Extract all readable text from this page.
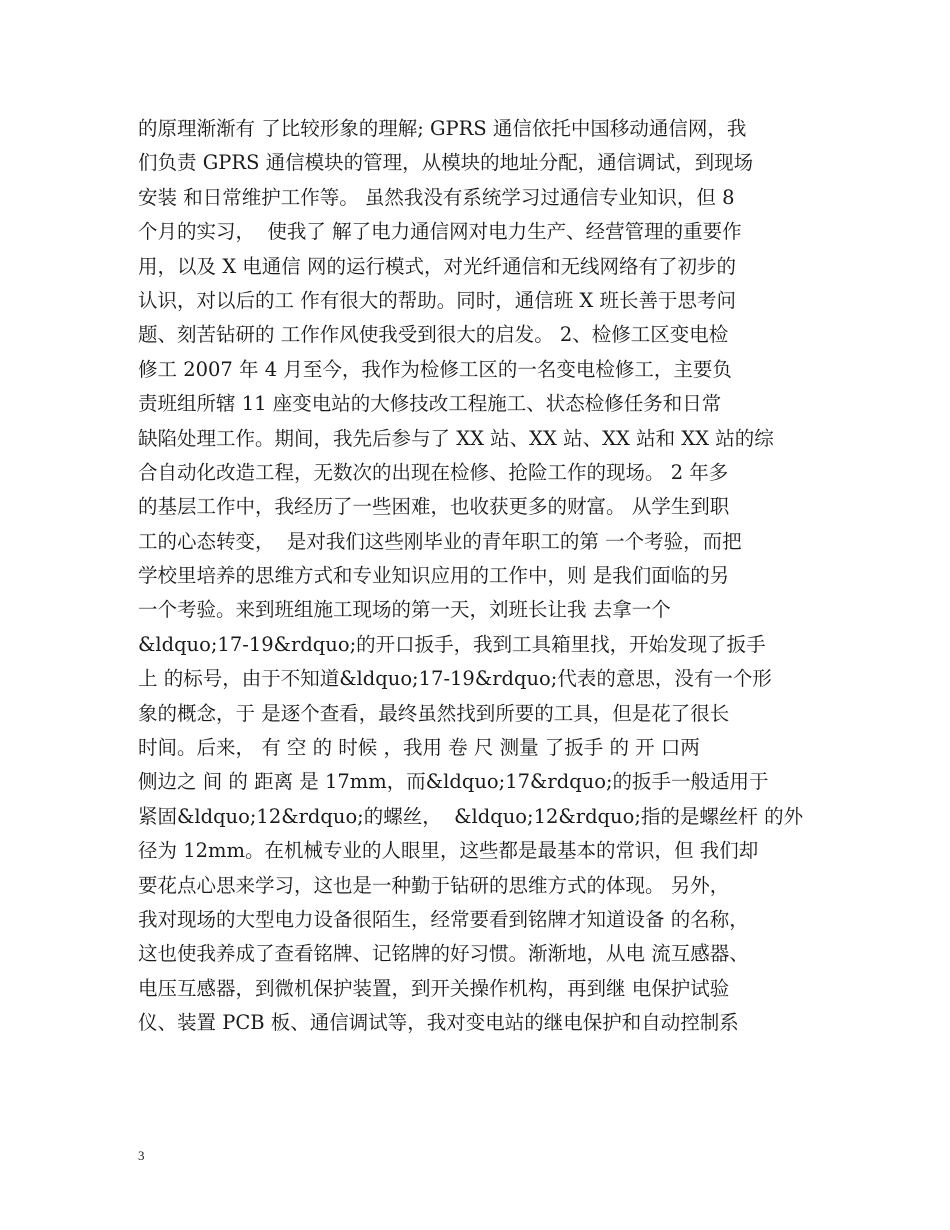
的原理渐渐有 了比较形象的理解; GPRS 通信依托中国移动通信网，我
们负责 GPRS 通信模块的管理，从模块的地址分配，通信调试，到现场
安装 和日常维护工作等。 虽然我没有系统学习过通信专业知识，但 8
个月的实习，  使我了 解了电力通信网对电力生产、经营管理的重要作
用，以及 X 电通信 网的运行模式，对光纤通信和无线网络有了初步的
认识，对以后的工 作有很大的帮助。同时，通信班 X 班长善于思考问
题、刻苦钻研的 工作作风使我受到很大的启发。 2、检修工区变电检
修工 2007 年 4 月至今，我作为检修工区的一名变电检修工，主要负
责班组所辖 11 座变电站的大修技改工程施工、状态检修任务和日常
缺陷处理工作。期间，我先后参与了 XX 站、XX 站、XX 站和 XX 站的综
合自动化改造工程，无数次的出现在检修、抢险工作的现场。 2 年多
的基层工作中，我经历了一些困难，也收获更多的财富。 从学生到职
工的心态转变，  是对我们这些刚毕业的青年职工的第 一个考验，而把
学校里培养的思维方式和专业知识应用的工作中，则 是我们面临的另
一个考验。来到班组施工现场的第一天，刘班长让我 去拿一个
&ldquo;17-19&rdquo;的开口扳手，我到工具箱里找，开始发现了扳手
上 的标号，由于不知道&ldquo;17-19&rdquo;代表的意思，没有一个形
象的概念，于 是逐个查看，最终虽然找到所要的工具，但是花了很长
时间。后来， 有 空 的 时候 ，我用 卷 尺 测量 了扳手 的 开 口两
侧边之 间 的 距离 是 17mm，而&ldquo;17&rdquo;的扳手一般适用于
紧固&ldquo;12&rdquo;的螺丝，  &ldquo;12&rdquo;指的是螺丝杆 的外
径为 12mm。在机械专业的人眼里，这些都是最基本的常识，但 我们却
要花点心思来学习，这也是一种勤于钻研的思维方式的体现。 另外，
我对现场的大型电力设备很陌生，经常要看到铭牌才知道设备 的名称，
这也使我养成了查看铭牌、记铭牌的好习惯。渐渐地，从电 流互感器、
电压互感器，到微机保护装置，到开关操作机构，再到继 电保护试验
仪、装置 PCB 板、通信调试等，我对变电站的继电保护和自动控制系
3
